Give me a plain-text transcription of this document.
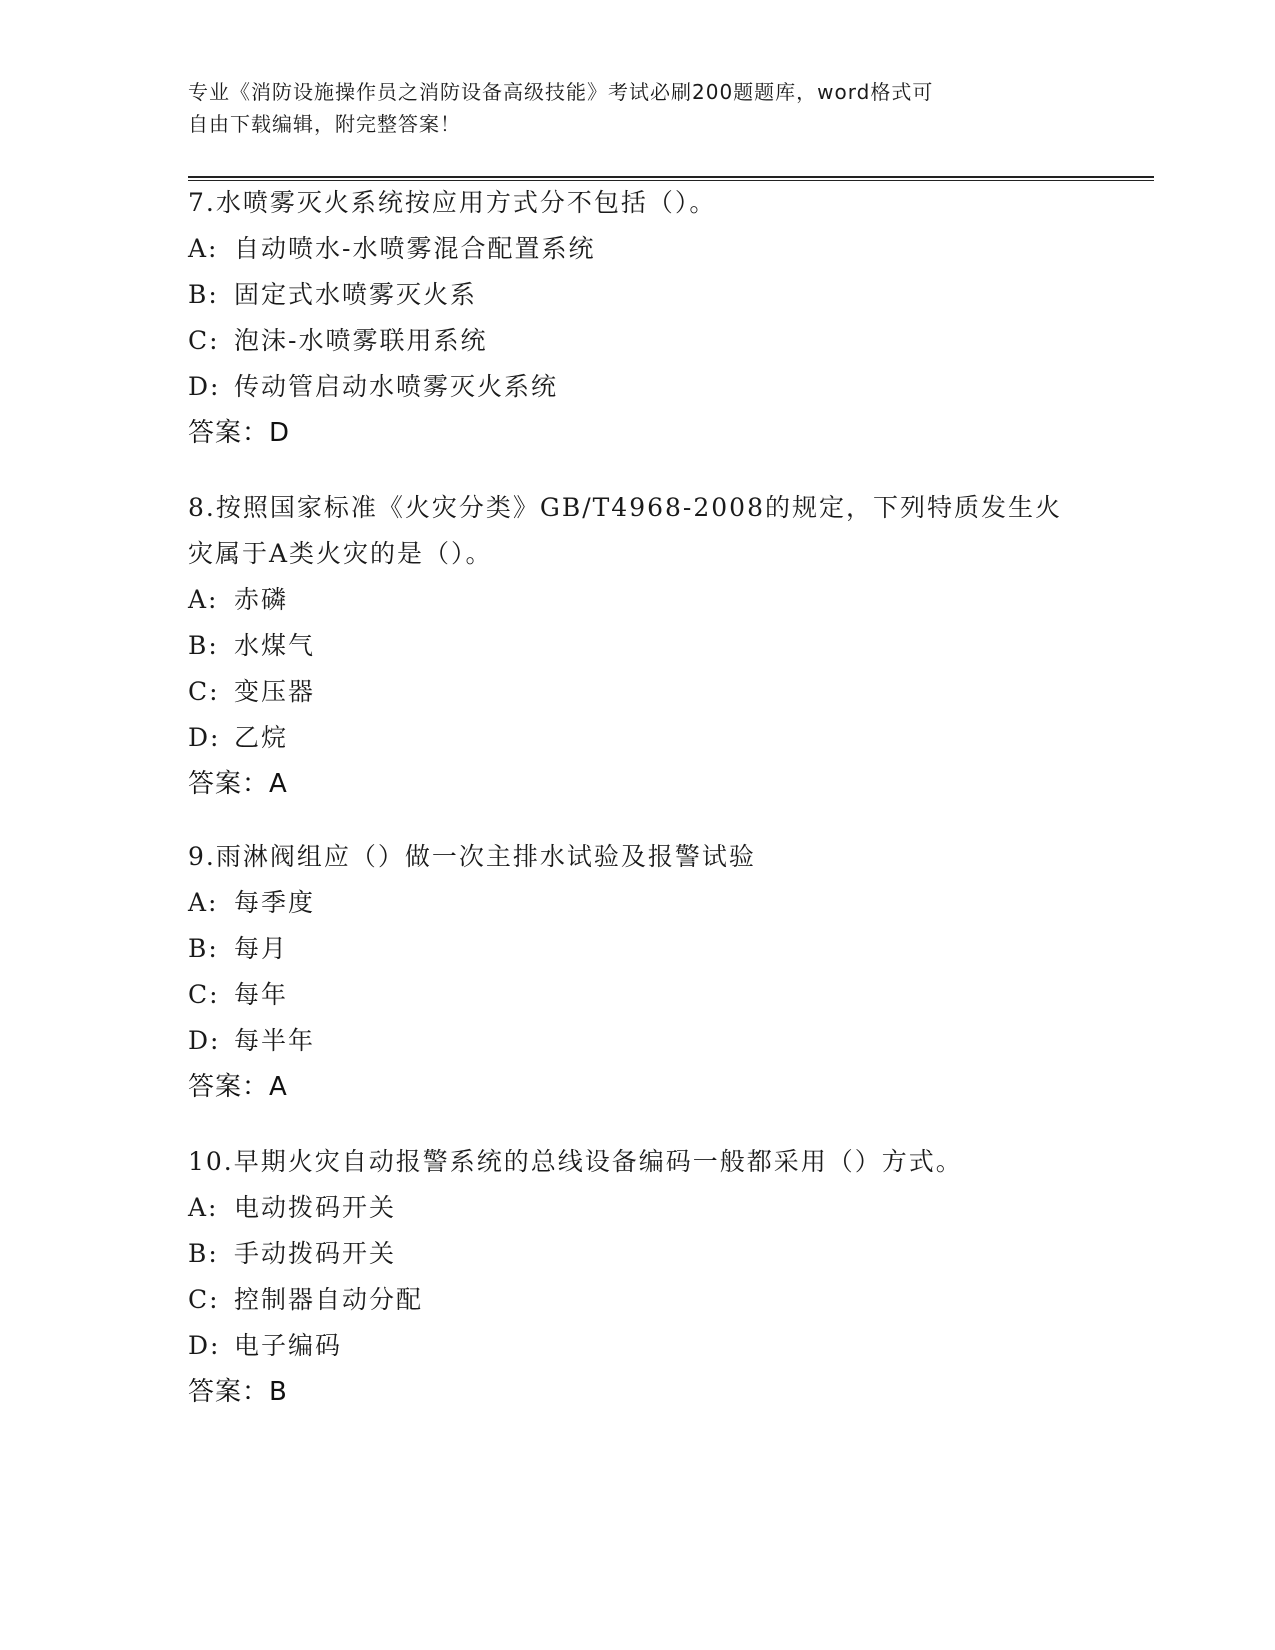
专业《消防设施操作员之消防设备高级技能》考试必刷200题题库，word格式可
自由下载编辑，附完整答案！

7.水喷雾灭火系统按应用方式分不包括（）。

A: 自动喷水-水喷雾混合配置系统

B: 固定式水喷雾灭火系

C: 泡沫-水喷雾联用系统

D: 传动管启动水喷雾灭火系统

答案：D

8.按照国家标准《火灾分类》GB/T4968-2008的规定，下列特质发生火

灾属于A类火灾的是（）。

A: 赤磷

B: 水煤气

C: 变压器

D: 乙烷

答案：A

9.雨淋阀组应（）做一次主排水试验及报警试验

A: 每季度

B: 每月

C: 每年

D: 每半年

答案：A

10.早期火灾自动报警系统的总线设备编码一般都采用（）方式。

A: 电动拨码开关

B: 手动拨码开关

C: 控制器自动分配

D: 电子编码

答案：B
